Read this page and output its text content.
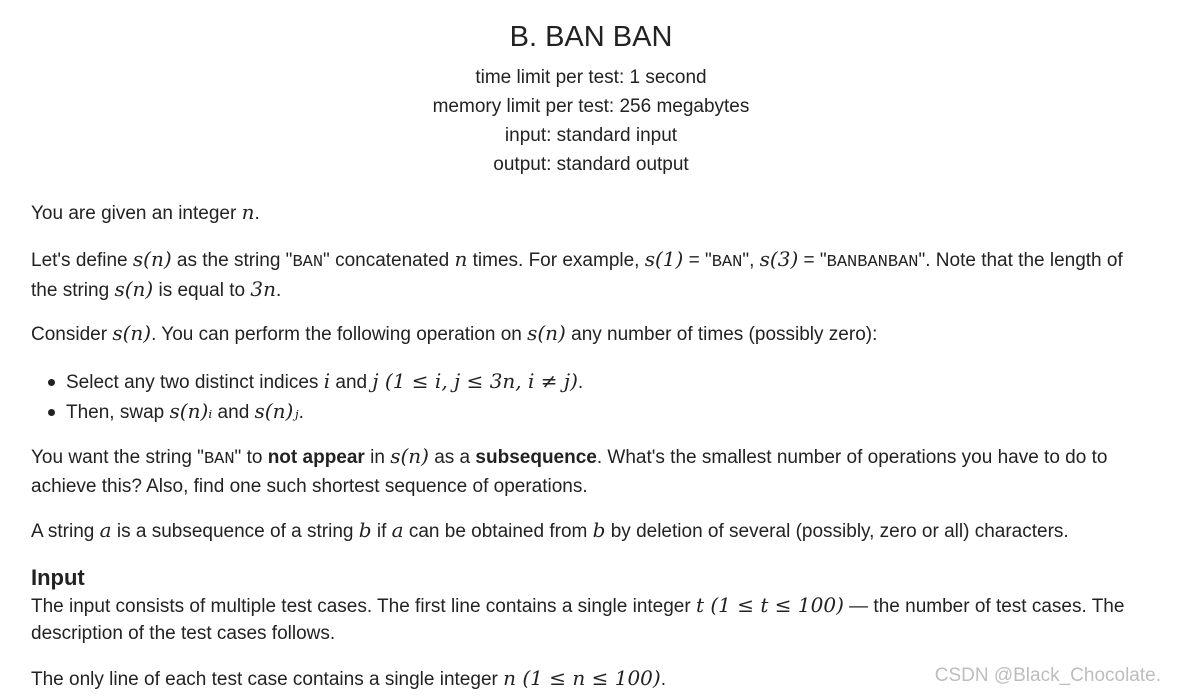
B. BAN BAN
time limit per test: 1 second
memory limit per test: 256 megabytes
input: standard input
output: standard output

You are given an integer n.

Let's define s(n) as the string "BAN" concatenated n times. For example, s(1) = "BAN", s(3) = "BANBANBAN". Note that the length of the string s(n) is equal to 3n.

Consider s(n). You can perform the following operation on s(n) any number of times (possibly zero):

Select any two distinct indices i and j (1 ≤ i, j ≤ 3n, i ≠ j).
Then, swap s(n)ᵢ and s(n)ⱼ.

You want the string "BAN" to not appear in s(n) as a subsequence. What's the smallest number of operations you have to do to achieve this? Also, find one such shortest sequence of operations.

A string a is a subsequence of a string b if a can be obtained from b by deletion of several (possibly, zero or all) characters.

Input

The input consists of multiple test cases. The first line contains a single integer t (1 ≤ t ≤ 100) — the number of test cases. The description of the test cases follows.

The only line of each test case contains a single integer n (1 ≤ n ≤ 100).	CSDN @Black_Chocolate.
